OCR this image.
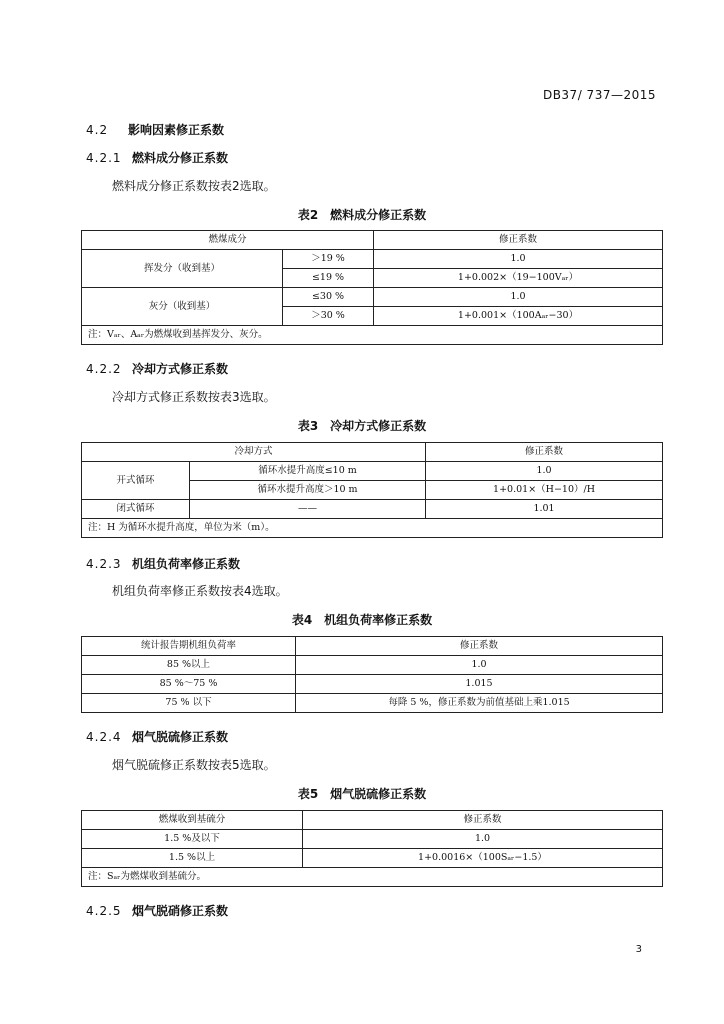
DB37/ 737—2015
4.2 影响因素修正系数
4.2.1 燃料成分修正系数
燃料成分修正系数按表2选取。
表2　燃料成分修正系数
燃煤成分		修正系数
挥发分（收到基）	＞19 %	1.0
	≤19 %	1+0.002×（19−100Vₐᵣ）
灰分（收到基）	≤30 %	1.0
	＞30 %	1+0.001×（100Aₐᵣ−30）
注：Vₐᵣ、Aₐᵣ为燃煤收到基挥发分、灰分。		
4.2.2 冷却方式修正系数
冷却方式修正系数按表3选取。
表3　冷却方式修正系数
冷却方式		修正系数
开式循环	循环水提升高度≤10 m	1.0
	循环水提升高度＞10 m	1+0.01×（H−10）/H
闭式循环	——	1.01
注：H 为循环水提升高度，单位为米（m）。		
4.2.3 机组负荷率修正系数
机组负荷率修正系数按表4选取。
表4　机组负荷率修正系数
统计报告期机组负荷率	修正系数
85 %以上	1.0
85 %～75 %	1.015
75 % 以下	每降 5 %，修正系数为前值基础上乘1.015
4.2.4 烟气脱硫修正系数
烟气脱硫修正系数按表5选取。
表5　烟气脱硫修正系数
燃煤收到基硫分	修正系数
1.5 %及以下	1.0
1.5 %以上	1+0.0016×（100Sₐᵣ−1.5）
注：Sₐᵣ为燃煤收到基硫分。	
4.2.5 烟气脱硝修正系数
3
